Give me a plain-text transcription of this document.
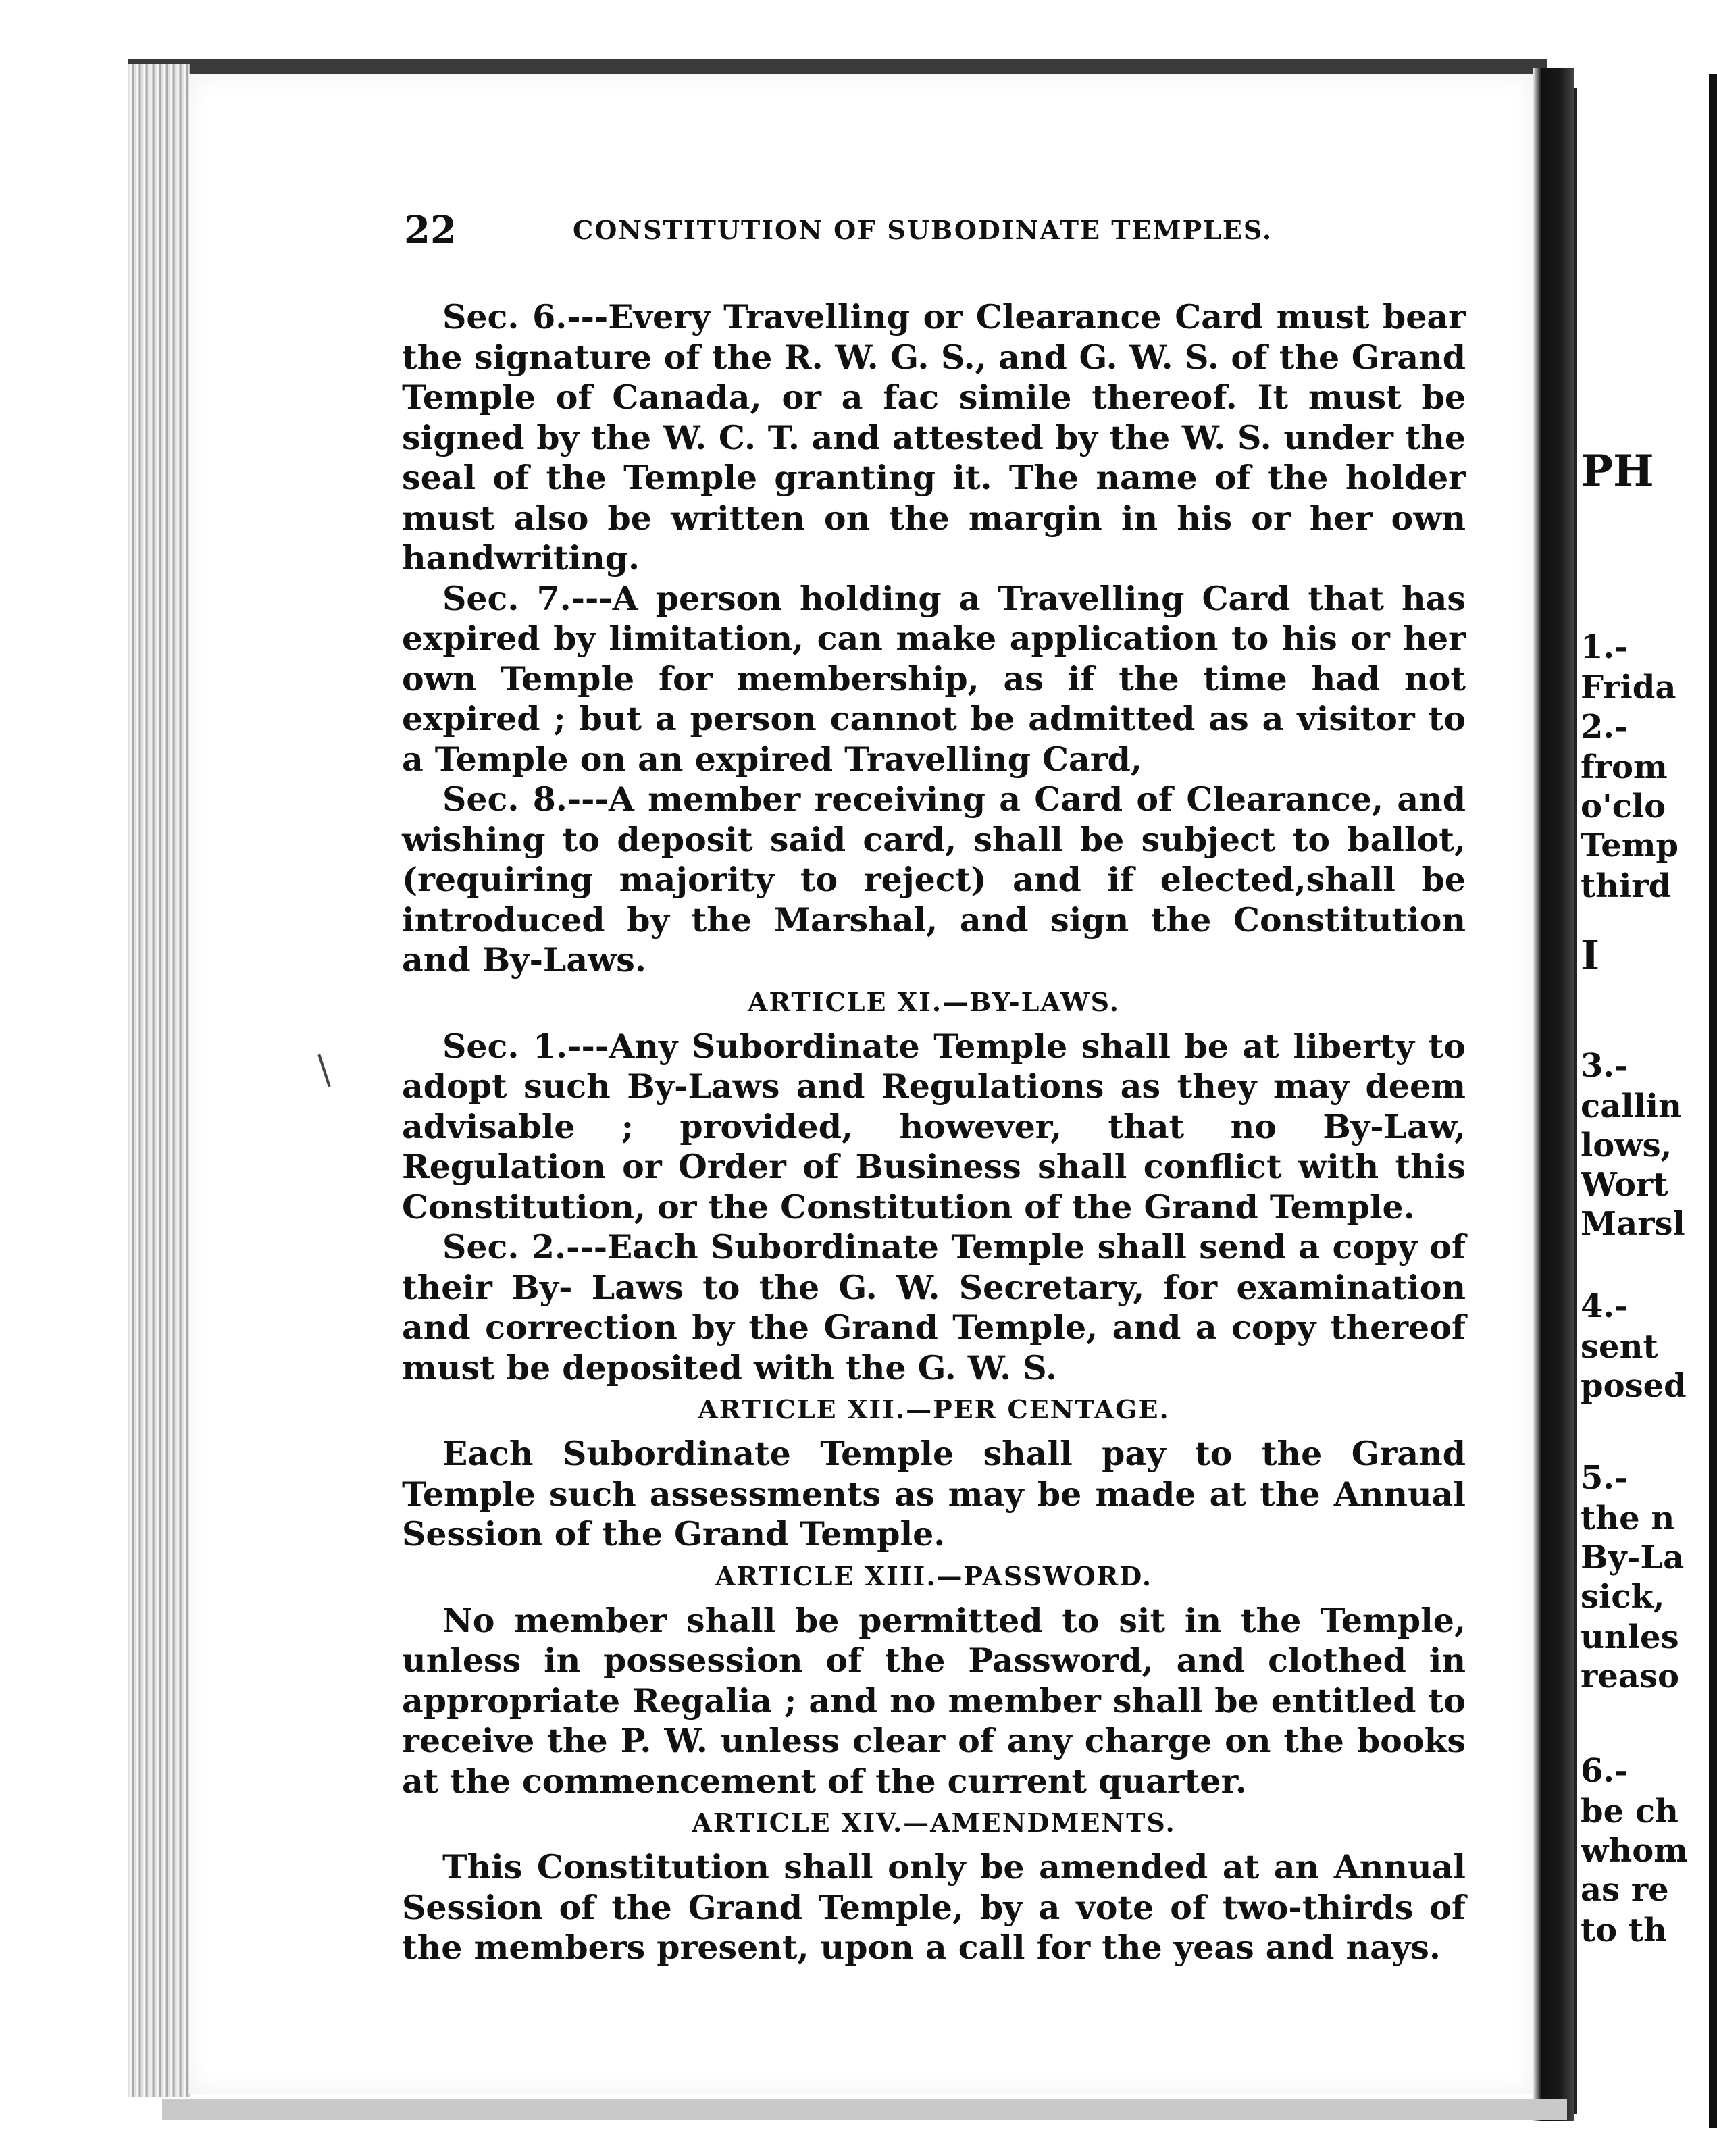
22	CONSTITUTION OF SUBODINATE TEMPLES.

Sec. 6.---Every Travelling or Clearance Card must bear the signature of the R. W. G. S., and G. W. S. of the Grand Temple of Canada, or a fac simile thereof. It must be signed by the W. C. T. and attested by the W. S. under the seal of the Temple granting it. The name of the holder must also be written on the margin in his or her own handwriting.

Sec. 7.---A person holding a Travelling Card that has expired by limitation, can make application to his or her own Temple for membership, as if the time had not expired ; but a person cannot be admitted as a visitor to a Temple on an expired Travelling Card,

Sec. 8.---A member receiving a Card of Clearance, and wishing to deposit said card, shall be subject to ballot, (requiring majority to reject) and if elected,shall be introduced by the Marshal, and sign the Constitution and By-Laws.

ARTICLE XI.—BY-LAWS.

Sec. 1.---Any Subordinate Temple shall be at liberty to adopt such By-Laws and Regulations as they may deem advisable ; provided, however, that no By-Law, Regulation or Order of Business shall conflict with this Constitution, or the Constitution of the Grand Temple.

Sec. 2.---Each Subordinate Temple shall send a copy of their By- Laws to the G. W. Secretary, for examination and correction by the Grand Temple, and a copy thereof must be deposited with the G. W. S.

ARTICLE XII.—PER CENTAGE.

Each Subordinate Temple shall pay to the Grand Temple such assessments as may be made at the Annual Session of the Grand Temple.

ARTICLE XIII.—PASSWORD.

No member shall be permitted to sit in the Temple, unless in possession of the Password, and clothed in appropriate Regalia ; and no member shall be entitled to receive the P. W. unless clear of any charge on the books at the commencement of the current quarter.

ARTICLE XIV.—AMENDMENTS.

This Constitution shall only be amended at an Annual Session of the Grand Temple, by a vote of two-thirds of the members present, upon a call for the yeas and nays.

PH
1.-
Frida
2.-
from
o'clo
Temp
third
I
3.-
callin
lows,
Wort
Marsl
4.-
sent
posed
5.-
the n
By-La
sick,
unles
reaso
6.-
be ch
whom
as re
to th
